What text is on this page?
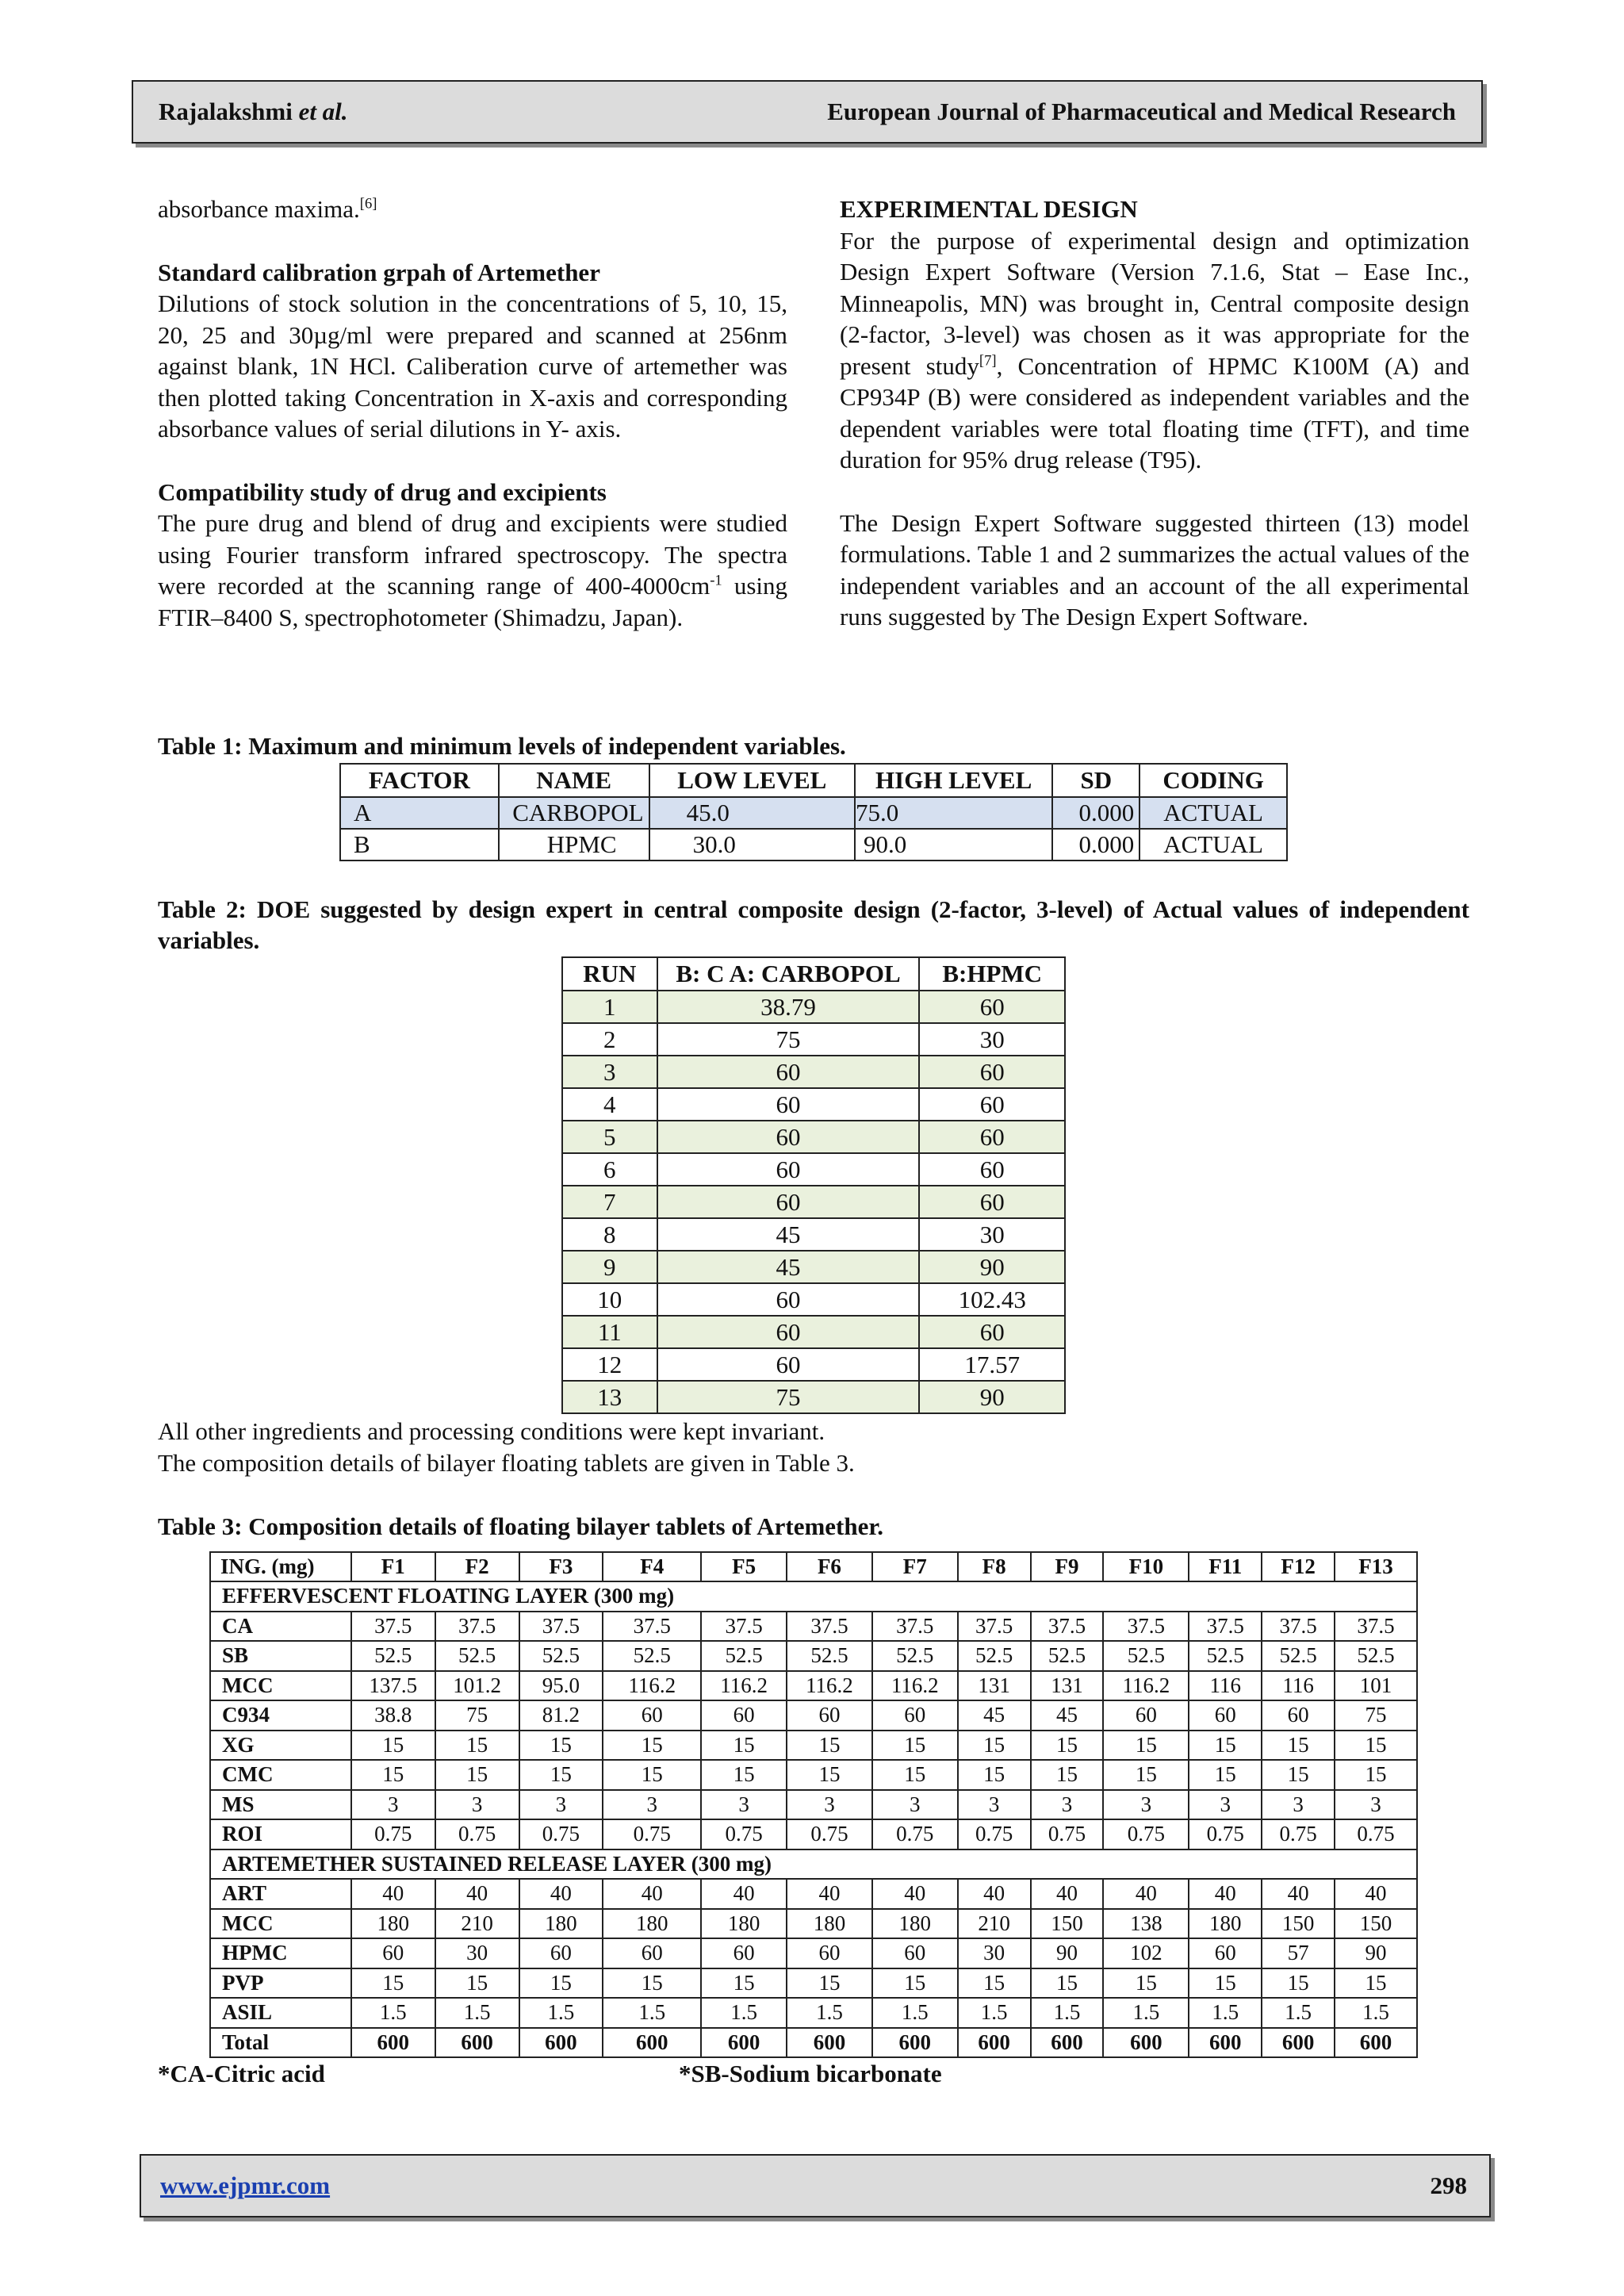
Rajalakshmi et al.	European Journal of Pharmaceutical and Medical Research

absorbance maxima.[6]

Standard calibration grpah of Artemether

Dilutions of stock solution in the concentrations of 5, 10, 15, 20, 25 and 30µg/ml were prepared and scanned at 256nm against blank, 1N HCl. Caliberation curve of artemether was then plotted taking Concentration in X-axis and corresponding absorbance values of serial dilutions in Y- axis.

Compatibility study of drug and excipients

The pure drug and blend of drug and excipients were studied using Fourier transform infrared spectroscopy. The spectra were recorded at the scanning range of $400-4000cm^{-1}$ using FTIR–8400 S, spectrophotometer (Shimadzu, Japan).

EXPERIMENTAL DESIGN

For the purpose of experimental design and optimization Design Expert Software (Version 7.1.6, Stat – Ease Inc., Minneapolis, MN) was brought in, Central composite design (2-factor, 3-level) was chosen as it was appropriate for the present study[7], Concentration of HPMC K100M (A) and CP934P (B) were considered as independent variables and the dependent variables were total floating time (TFT), and time duration for 95% drug release (T95).

The Design Expert Software suggested thirteen (13) model formulations. Table 1 and 2 summarizes the actual values of the independent variables and an account of the all experimental runs suggested by The Design Expert Software.

Table 1: Maximum and minimum levels of independent variables.
FACTOR	NAME	LOW LEVEL	HIGH LEVEL	SD	CODING
A	CARBOPOL	45.0	75.0	0.000	ACTUAL
B	HPMC	30.0	90.0	0.000	ACTUAL
Table 2: DOE suggested by design expert in central composite design (2-factor, 3-level) of Actual values of independent variables.
RUN	B: C A: CARBOPOL	B:HPMC
1	38.79	60
2	75	30
3	60	60
4	60	60
5	60	60
6	60	60
7	60	60
8	45	30
9	45	90
10	60	102.43
11	60	60
12	60	17.57
13	75	90
All other ingredients and processing conditions were kept invariant.
The composition details of bilayer floating tablets are given in Table 3.
Table 3: Composition details of floating bilayer tablets of Artemether.
ING. (mg)	F1	F2	F3	F4	F5	F6	F7	F8	F9	F10	F11	F12	F13
EFFERVESCENT FLOATING LAYER (300 mg)													
CA	37.5	37.5	37.5	37.5	37.5	37.5	37.5	37.5	37.5	37.5	37.5	37.5	37.5
SB	52.5	52.5	52.5	52.5	52.5	52.5	52.5	52.5	52.5	52.5	52.5	52.5	52.5
MCC	137.5	101.2	95.0	116.2	116.2	116.2	116.2	131	131	116.2	116	116	101
C934	38.8	75	81.2	60	60	60	60	45	45	60	60	60	75
XG	15	15	15	15	15	15	15	15	15	15	15	15	15
CMC	15	15	15	15	15	15	15	15	15	15	15	15	15
MS	3	3	3	3	3	3	3	3	3	3	3	3	3
ROI	0.75	0.75	0.75	0.75	0.75	0.75	0.75	0.75	0.75	0.75	0.75	0.75	0.75
ARTEMETHER SUSTAINED RELEASE LAYER (300 mg)													
ART	40	40	40	40	40	40	40	40	40	40	40	40	40
MCC	180	210	180	180	180	180	180	210	150	138	180	150	150
HPMC	60	30	60	60	60	60	60	30	90	102	60	57	90
PVP	15	15	15	15	15	15	15	15	15	15	15	15	15
ASIL	1.5	1.5	1.5	1.5	1.5	1.5	1.5	1.5	1.5	1.5	1.5	1.5	1.5
Total	600	600	600	600	600	600	600	600	600	600	600	600	600
*CA-Citric acid	*SB-Sodium bicarbonate
www.ejpmr.com	298
